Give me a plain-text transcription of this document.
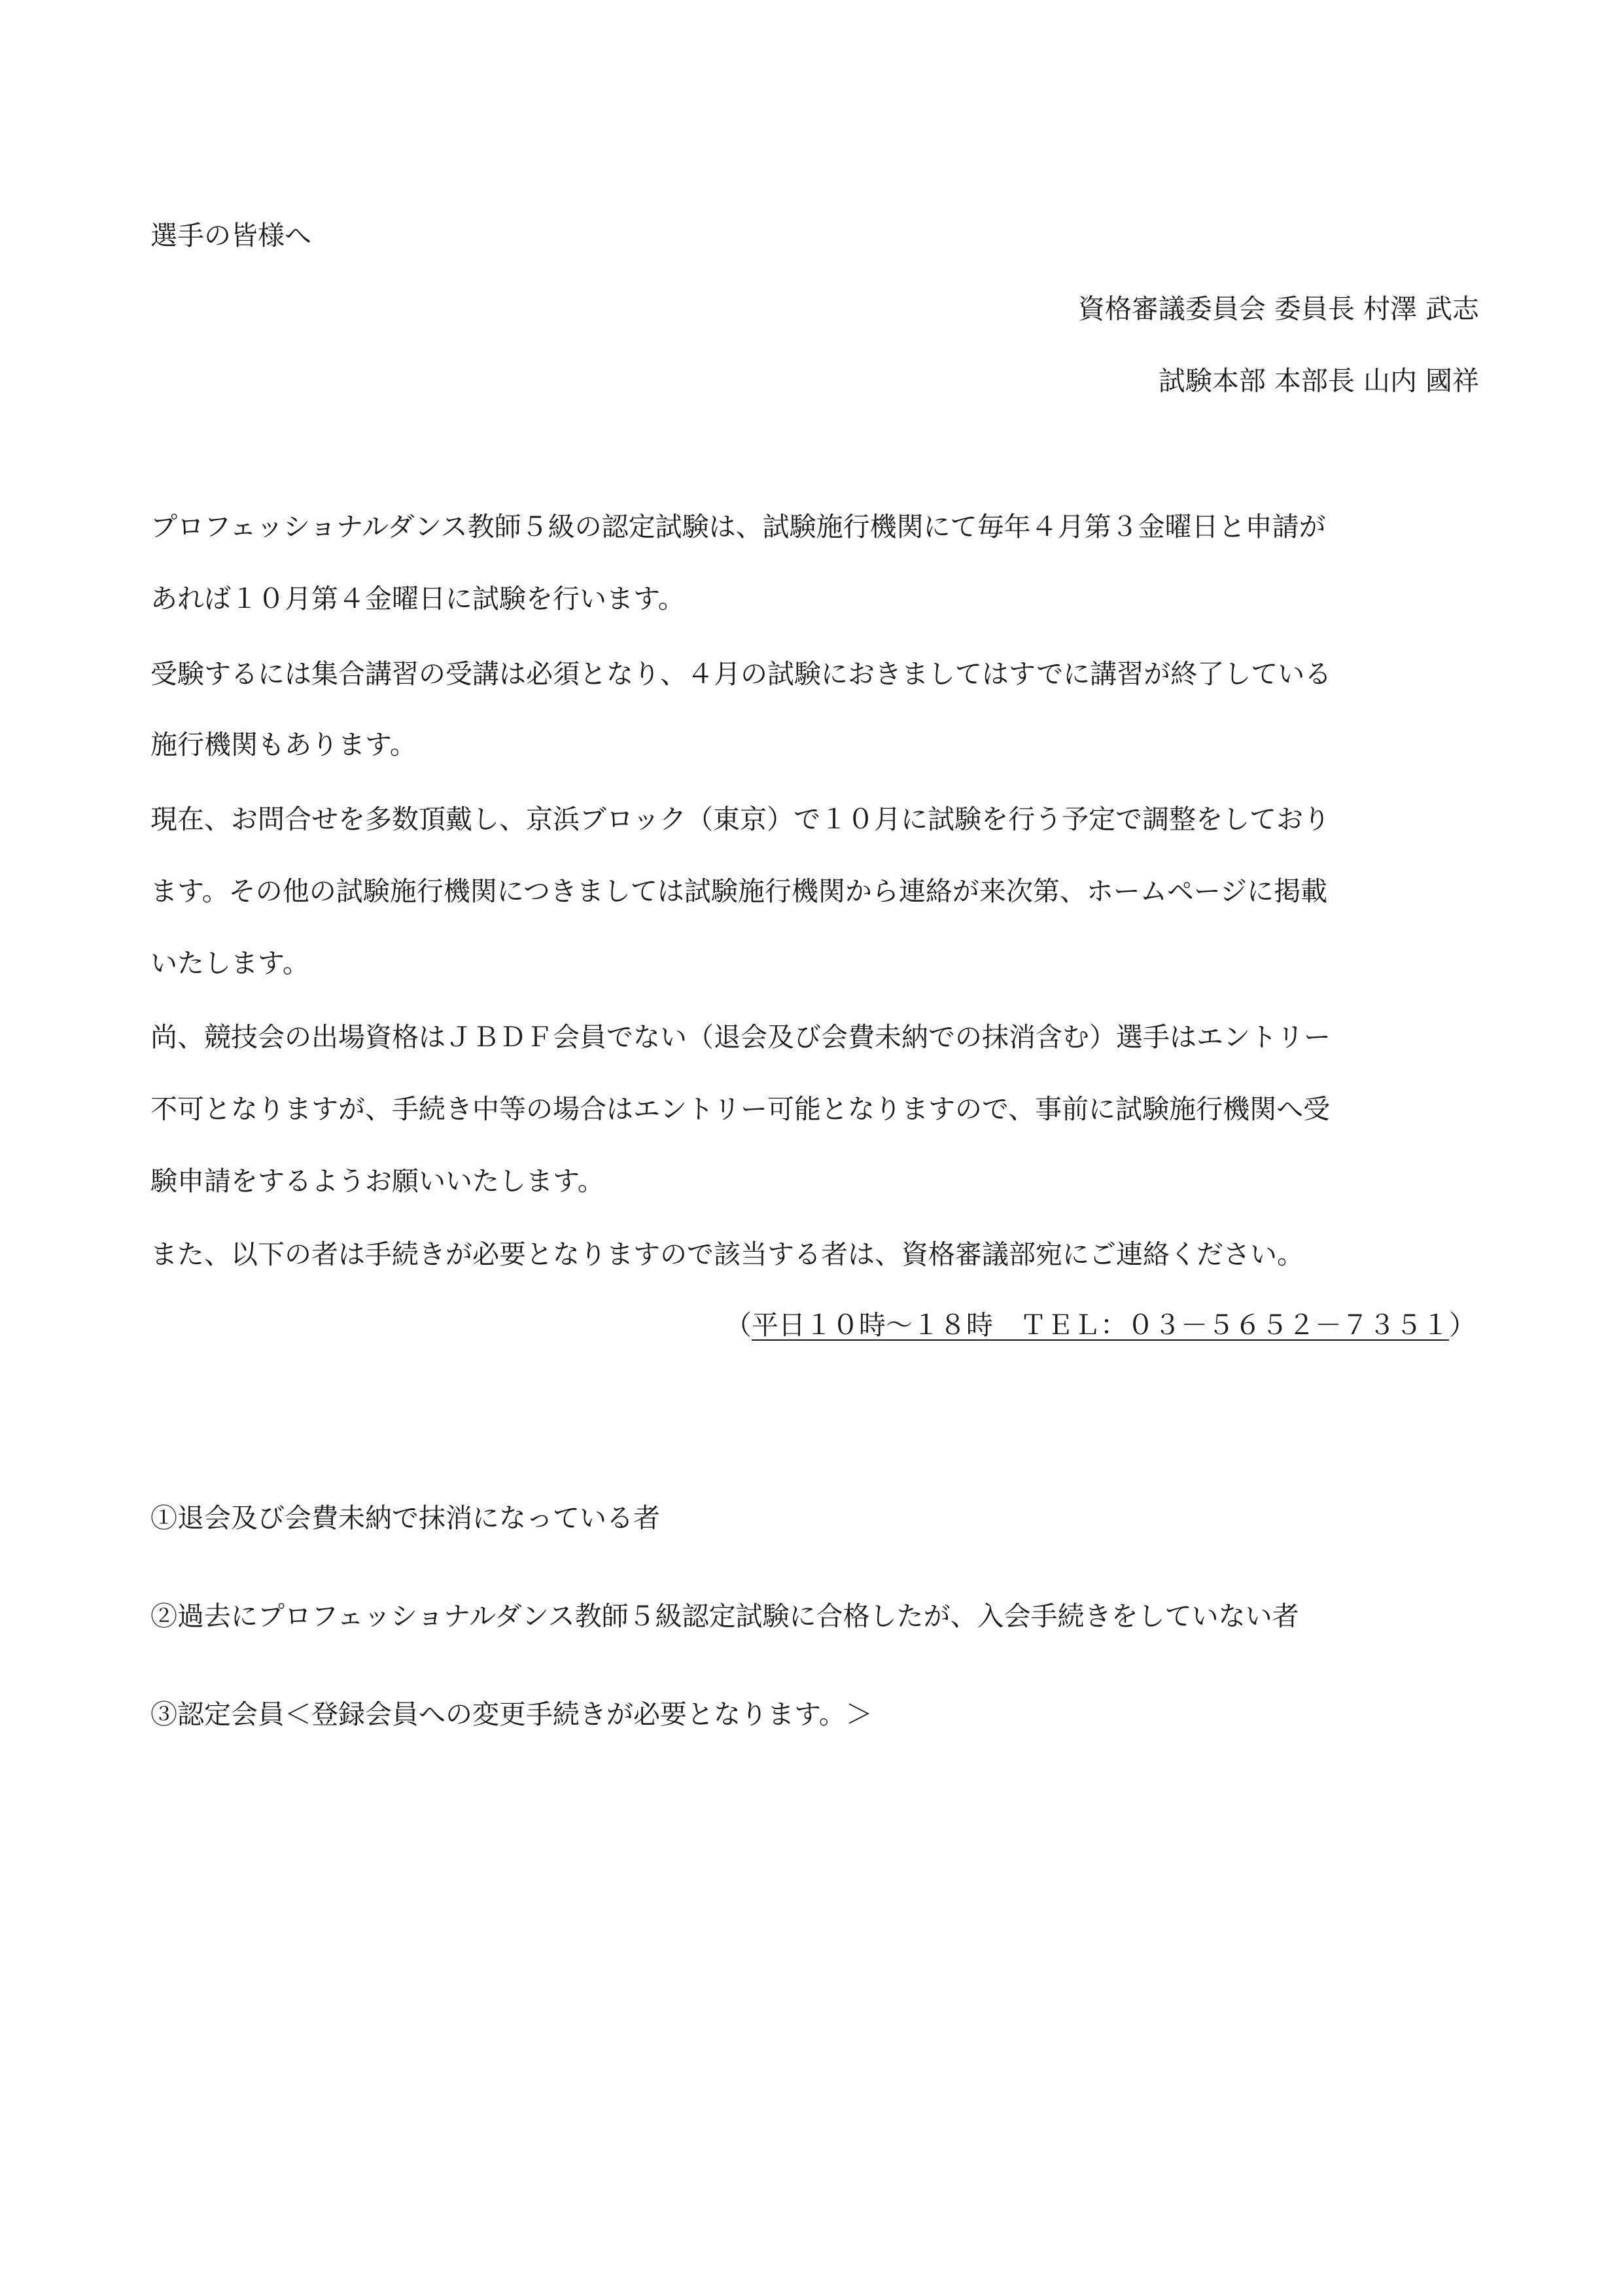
選手の皆様へ
資格審議委員会 委員長 村澤 武志
試験本部 本部長 山内 國祥
プロフェッショナルダンス教師５級の認定試験は、試験施行機関にて毎年４月第３金曜日と申請が
あれば１０月第４金曜日に試験を行います。
受験するには集合講習の受講は必須となり、４月の試験におきましてはすでに講習が終了している
施行機関もあります。
現在、お問合せを多数頂戴し、京浜ブロック（東京）で１０月に試験を行う予定で調整をしており
ます。その他の試験施行機関につきましては試験施行機関から連絡が来次第、ホームページに掲載
いたします。
尚、競技会の出場資格はＪＢＤＦ会員でない（退会及び会費未納での抹消含む）選手はエントリー
不可となりますが、手続き中等の場合はエントリー可能となりますので、事前に試験施行機関へ受
験申請をするようお願いいたします。
また、以下の者は手続きが必要となりますので該当する者は、資格審議部宛にご連絡ください。
（平日１０時～１８時　ＴＥＬ：０３－５６５２－７３５１）
①退会及び会費未納で抹消になっている者
②過去にプロフェッショナルダンス教師５級認定試験に合格したが、入会手続きをしていない者
③認定会員＜登録会員への変更手続きが必要となります。＞
